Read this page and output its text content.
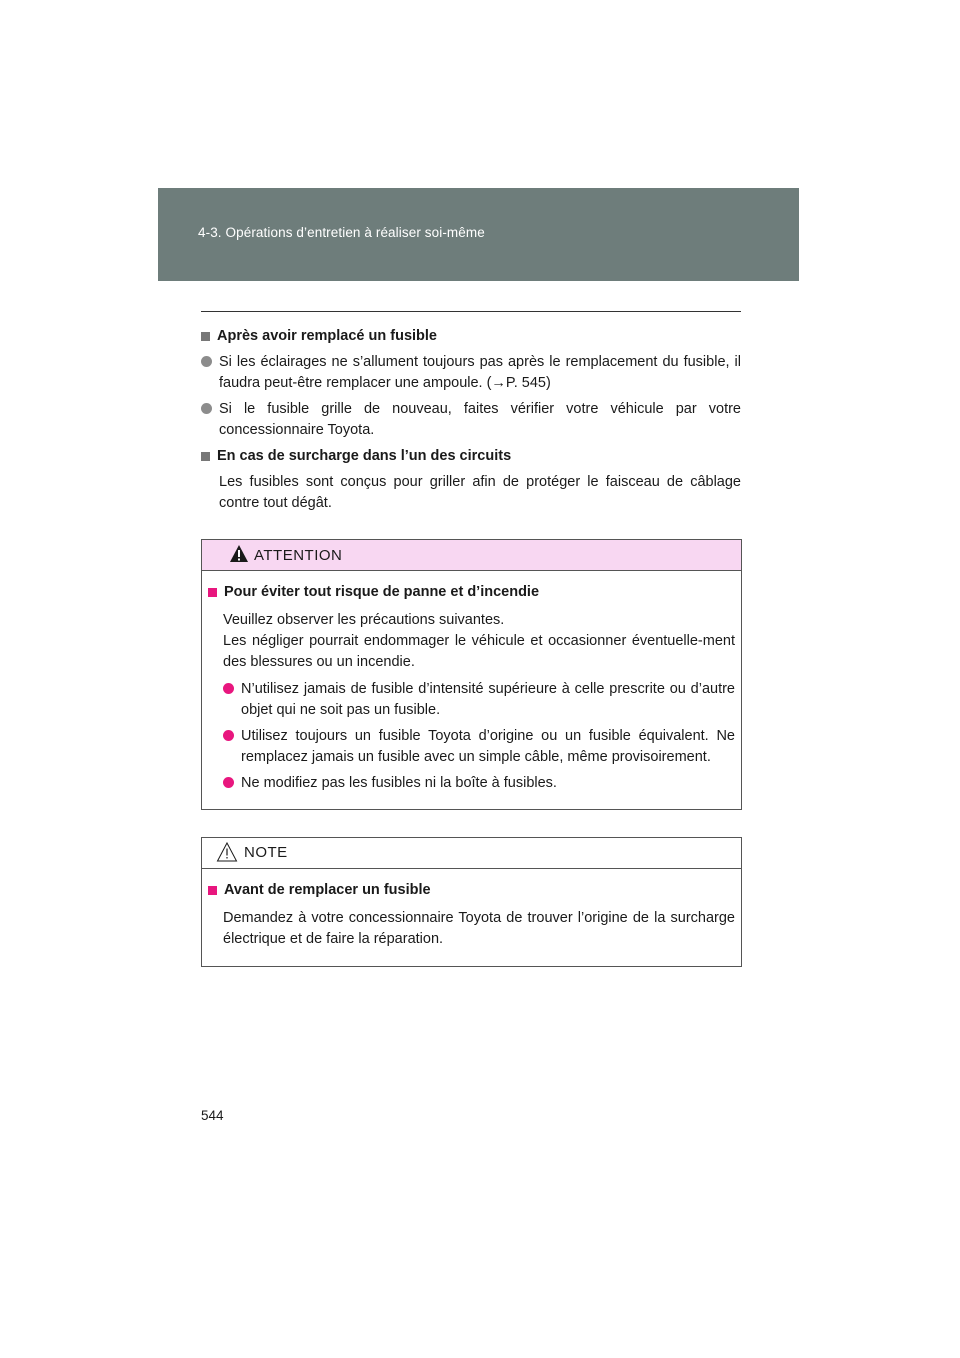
4-3. Opérations d’entretien à réaliser soi-même
Après avoir remplacé un fusible
Si les éclairages ne s’allument toujours pas après le remplacement du fusible, il faudra peut-être remplacer une ampoule. (→P. 545)
Si le fusible grille de nouveau, faites vérifier votre véhicule par votre concessionnaire Toyota.
En cas de surcharge dans l’un des circuits
Les fusibles sont conçus pour griller afin de protéger le faisceau de câblage contre tout dégât.
ATTENTION
Pour éviter tout risque de panne et d’incendie
Veuillez observer les précautions suivantes.
Les négliger pourrait endommager le véhicule et occasionner éventuelle-ment des blessures ou un incendie.
N’utilisez jamais de fusible d’intensité supérieure à celle prescrite ou d’autre objet qui ne soit pas un fusible.
Utilisez toujours un fusible Toyota d’origine ou un fusible équivalent. Ne remplacez jamais un fusible avec un simple câble, même provisoirement.
Ne modifiez pas les fusibles ni la boîte à fusibles.
NOTE
Avant de remplacer un fusible
Demandez à votre concessionnaire Toyota de trouver l’origine de la surcharge électrique et de faire la réparation.
544
